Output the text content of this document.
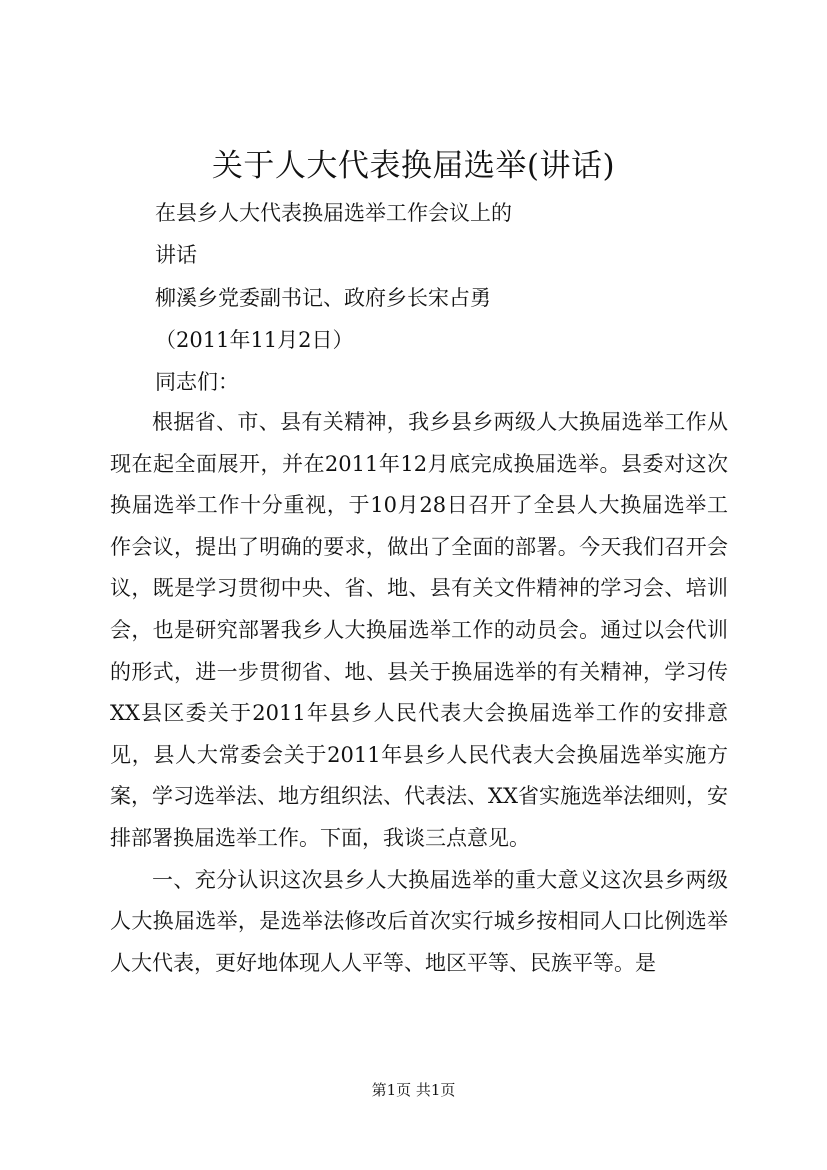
关于人大代表换届选举(讲话)
在县乡人大代表换届选举工作会议上的
讲话
柳溪乡党委副书记、政府乡长宋占勇
（2011年11月2日）
同志们：

根据省、市、县有关精神，我乡县乡两级人大换届选举工作从现在起全面展开，并在2011年12月底完成换届选举。县委对这次换届选举工作十分重视，于10月28日召开了全县人大换届选举工作会议，提出了明确的要求，做出了全面的部署。今天我们召开会议，既是学习贯彻中央、省、地、县有关文件精神的学习会、培训会，也是研究部署我乡人大换届选举工作的动员会。通过以会代训的形式，进一步贯彻省、地、县关于换届选举的有关精神，学习传XX县区委关于2011年县乡人民代表大会换届选举工作的安排意见，县人大常委会关于2011年县乡人民代表大会换届选举实施方案，学习选举法、地方组织法、代表法、XX省实施选举法细则，安排部署换届选举工作。下面，我谈三点意见。

一、充分认识这次县乡人大换届选举的重大意义这次县乡两级人大换届选举，是选举法修改后首次实行城乡按相同人口比例选举人大代表，更好地体现人人平等、地区平等、民族平等。是

第1页 共1页
